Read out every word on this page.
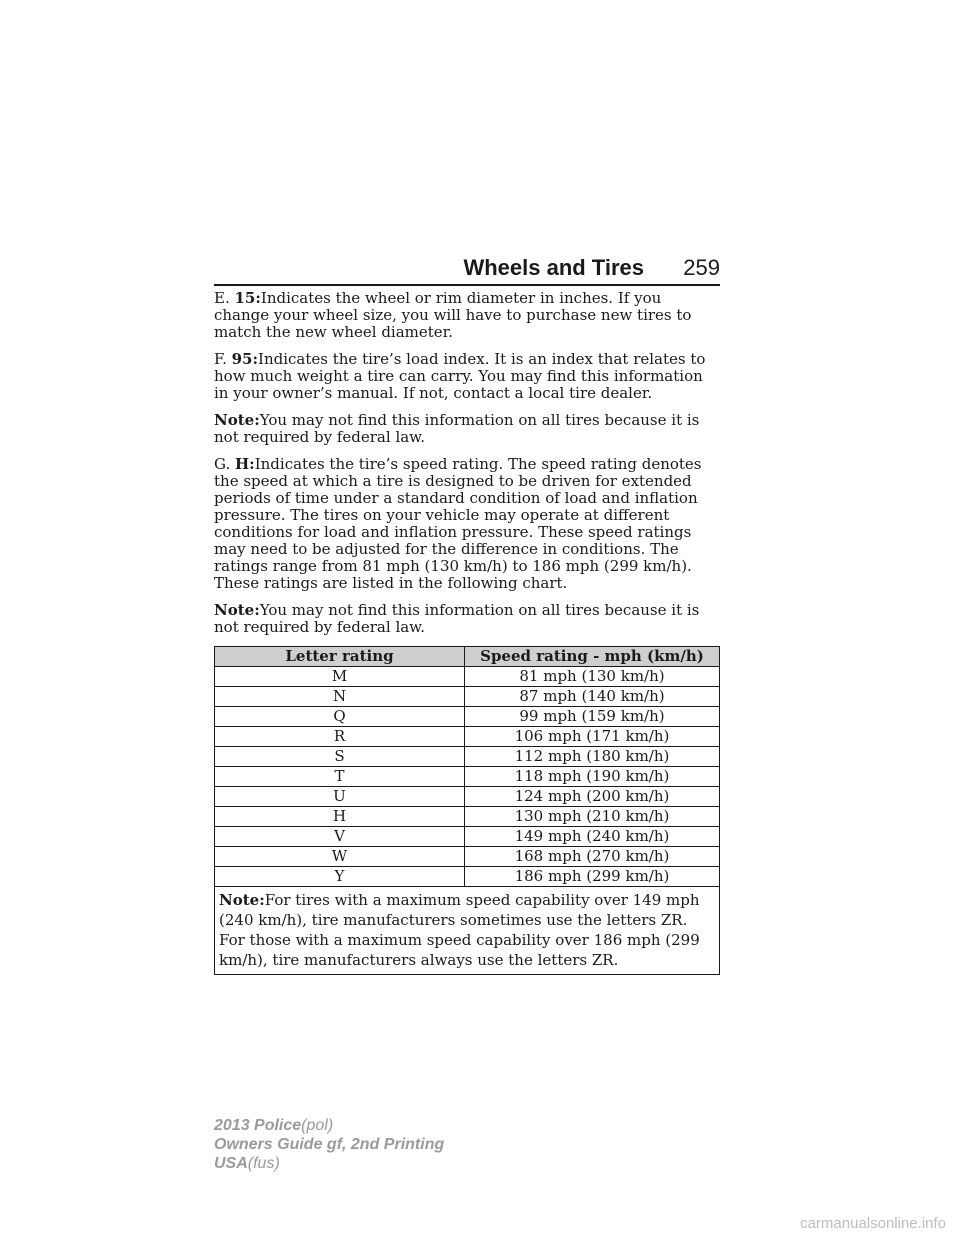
Wheels and Tires 259

E. 15:Indicates the wheel or rim diameter in inches. If you change your wheel size, you will have to purchase new tires to match the new wheel diameter.

F. 95:Indicates the tire’s load index. It is an index that relates to how much weight a tire can carry. You may find this information in your owner’s manual. If not, contact a local tire dealer.

Note:You may not find this information on all tires because it is not required by federal law.

G. H:Indicates the tire’s speed rating. The speed rating denotes the speed at which a tire is designed to be driven for extended periods of time under a standard condition of load and inflation pressure. The tires on your vehicle may operate at different conditions for load and inflation pressure. These speed ratings may need to be adjusted for the difference in conditions. The ratings range from 81 mph (130 km/h) to 186 mph (299 km/h). These ratings are listed in the following chart.

Note:You may not find this information on all tires because it is not required by federal law.

Letter rating	Speed rating - mph (km/h)
M	81 mph (130 km/h)
N	87 mph (140 km/h)
Q	99 mph (159 km/h)
R	106 mph (171 km/h)
S	112 mph (180 km/h)
T	118 mph (190 km/h)
U	124 mph (200 km/h)
H	130 mph (210 km/h)
V	149 mph (240 km/h)
W	168 mph (270 km/h)
Y	186 mph (299 km/h)
Note:For tires with a maximum speed capability over 149 mph (240 km/h), tire manufacturers sometimes use the letters ZR. For those with a maximum speed capability over 186 mph (299 km/h), tire manufacturers always use the letters ZR.	
2013 Police(pol)
Owners Guide gf, 2nd Printing
USA(fus)
carmanualsonline.info
